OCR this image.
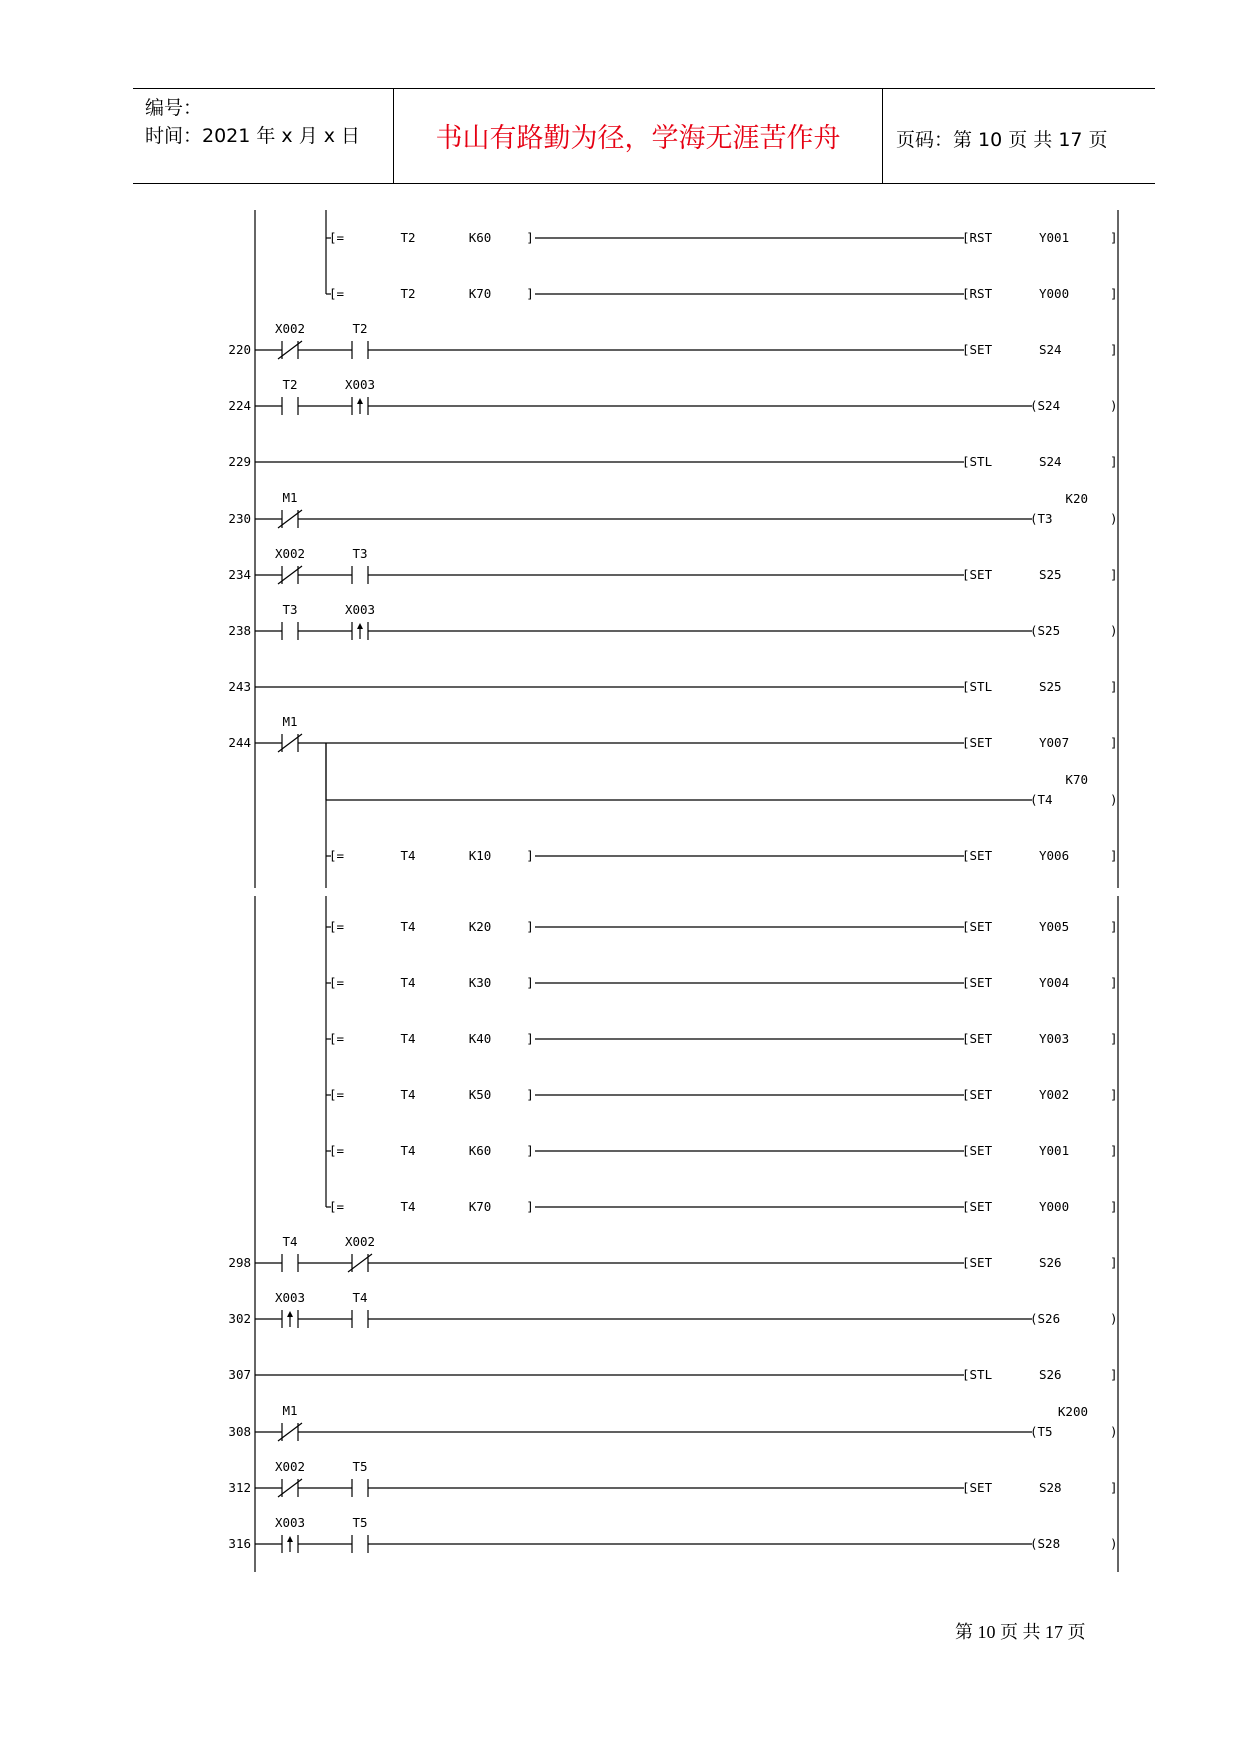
编号：
时间：2021 年 x 月 x 日	书山有路勤为径，学海无涯苦作舟	页码：第 10 页 共 17 页
[=	T2	K60	]	[RST	Y001	]
[=	T2	K70	]	[RST	Y000	]
220
X002	T2
[SET	S24	]
224
T2	X003
(S24	)
229	[STL	S24	]
230
M1
(T3
K20
)
234
X002	T3
[SET	S25	]
238
T3	X003
(S25	)
243	[STL	S25	]
244
M1
[SET	Y007	]
(T4
K70
)
[=	T4	K10	]	[SET	Y006	]
[=	T4	K20	]	[SET	Y005	]
[=	T4	K30	]	[SET	Y004	]
[=	T4	K40	]	[SET	Y003	]
[=	T4	K50	]	[SET	Y002	]
[=	T4	K60	]	[SET	Y001	]
[=	T4	K70	]	[SET	Y000	]
298
T4	X002
[SET	S26	]
302
X003	T4
(S26	)
307	[STL	S26	]
308
M1
(T5
K200
)
312
X002	T5
[SET	S28	]
316
X003	T5
(S28	)
第 10 页 共 17 页
